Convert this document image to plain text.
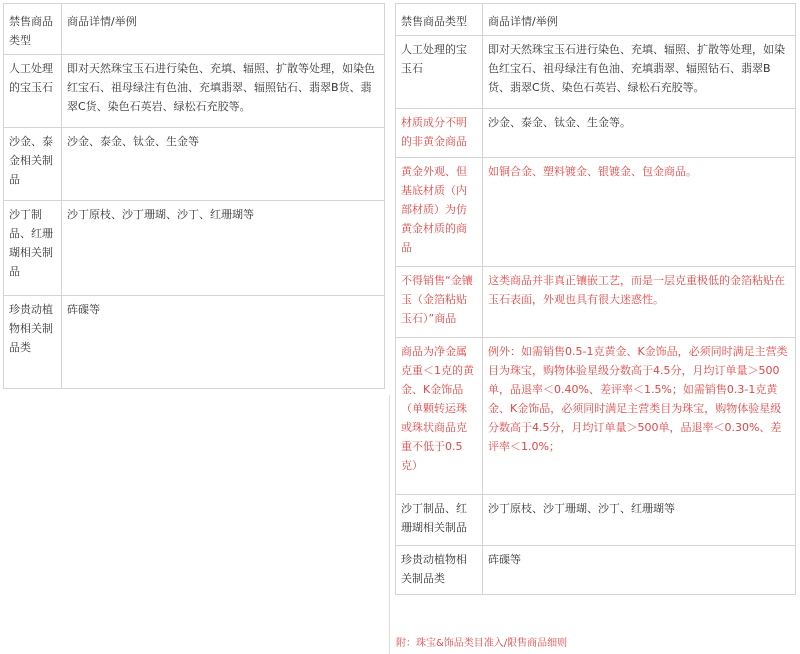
禁售商品类型	商品详情/举例
人工处理的宝玉石	即对天然珠宝玉石进行染色、充填、辐照、扩散等处理，如染色红宝石、祖母绿注有色油、充填翡翠、辐照钻石、翡翠B货、翡翠C货、染色石英岩、绿松石充胶等。
沙金、泰金相关制品	沙金、泰金、钛金、生金等
沙丁制品、红珊瑚相关制品	沙丁原枝、沙丁珊瑚、沙丁、红珊瑚等
珍贵动植物相关制品类	砗磲等
禁售商品类型	商品详情/举例
人工处理的宝玉石	即对天然珠宝玉石进行染色、充填、辐照、扩散等处理，如染色红宝石、祖母绿注有色油、充填翡翠、辐照钻石、翡翠B货、翡翠C货、染色石英岩、绿松石充胶等。
材质成分不明的非黄金商品	沙金、泰金、钛金、生金等。
黄金外观、但基底材质（内部材质）为仿黄金材质的商品	如铜合金、塑料镀金、银镀金、包金商品。
不得销售“金镶玉（金箔粘贴玉石）”商品	这类商品并非真正镶嵌工艺，而是一层克重极低的金箔粘贴在玉石表面，外观也具有很大迷惑性。
商品为净金属克重＜1克的黄金、K金饰品（单颗转运珠或珠状商品克重不低于0.5克）	例外：如需销售0.5-1克黄金、K金饰品，必须同时满足主营类目为珠宝，购物体验星级分数高于4.5分，月均订单量＞500单，品退率＜0.40%、差评率＜1.5%；如需销售0.3-1克黄金、K金饰品，必须同时满足主营类目为珠宝，购物体验星级分数高于4.5分，月均订单量＞500单，品退率＜0.30%、差评率＜1.0%；
沙丁制品、红珊瑚相关制品	沙丁原枝、沙丁珊瑚、沙丁、红珊瑚等
珍贵动植物相关制品类	砗磲等
附：珠宝&饰品类目准入/限售商品细则
